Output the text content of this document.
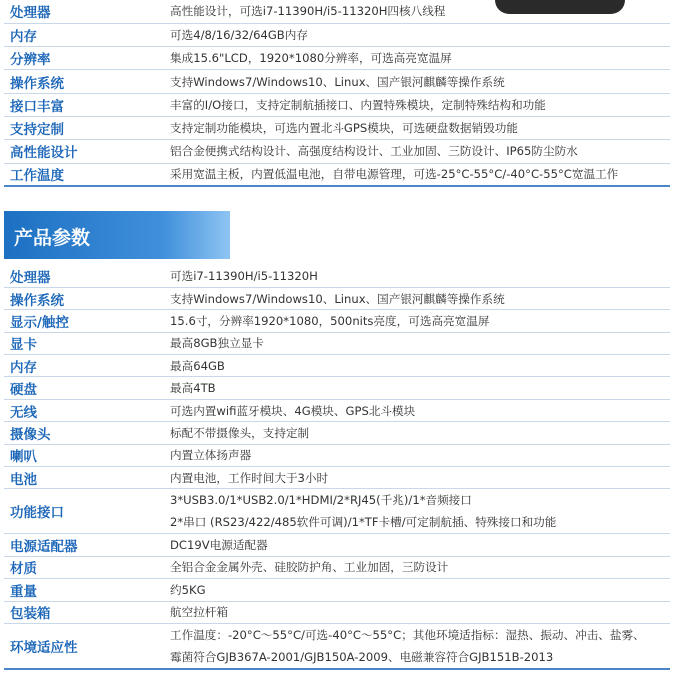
处理器	高性能设计，可选i7-11390H/i5-11320H四核八线程

内存	可选4/8/16/32/64GB内存

分辨率	集成15.6"LCD，1920*1080分辨率，可选高亮宽温屏

操作系统	支持Windows7/Windows10、Linux、国产银河麒麟等操作系统

接口丰富	丰富的I/O接口，支持定制航插接口、内置特殊模块，定制特殊结构和功能

支持定制	支持定制功能模块，可选内置北斗GPS模块，可选硬盘数据销毁功能

高性能设计	铝合金便携式结构设计、高强度结构设计、工业加固、三防设计、IP65防尘防水

工作温度	采用宽温主板，内置低温电池，自带电源管理，可选-25°C-55°C/-40°C-55°C宽温工作
产品参数
处理器	可选i7-11390H/i5-11320H

操作系统	支持Windows7/Windows10、Linux、国产银河麒麟等操作系统

显示/触控	15.6寸，分辨率1920*1080，500nits亮度，可选高亮宽温屏

显卡	最高8GB独立显卡

内存	最高64GB

硬盘	最高4TB

无线	可选内置wifi蓝牙模块、4G模块、GPS北斗模块

摄像头	标配不带摄像头，支持定制

喇叭	内置立体扬声器

电池	内置电池，工作时间大于3小时

功能接口	3*USB3.0/1*USB2.0/1*HDMI/2*RJ45(千兆)/1*音频接口
2*串口 (RS23/422/485软件可调)/1*TF卡槽/可定制航插、特殊接口和功能

电源适配器	DC19V电源适配器

材质	全铝合金金属外壳、硅胶防护角、工业加固，三防设计

重量	约5KG

包装箱	航空拉杆箱

环境适应性	工作温度：-20°C～55°C/可选-40°C～55°C；其他环境适指标：湿热、振动、冲击、盐雾、
霉菌符合GJB367A-2001/GJB150A-2009、电磁兼容符合GJB151B-2013
